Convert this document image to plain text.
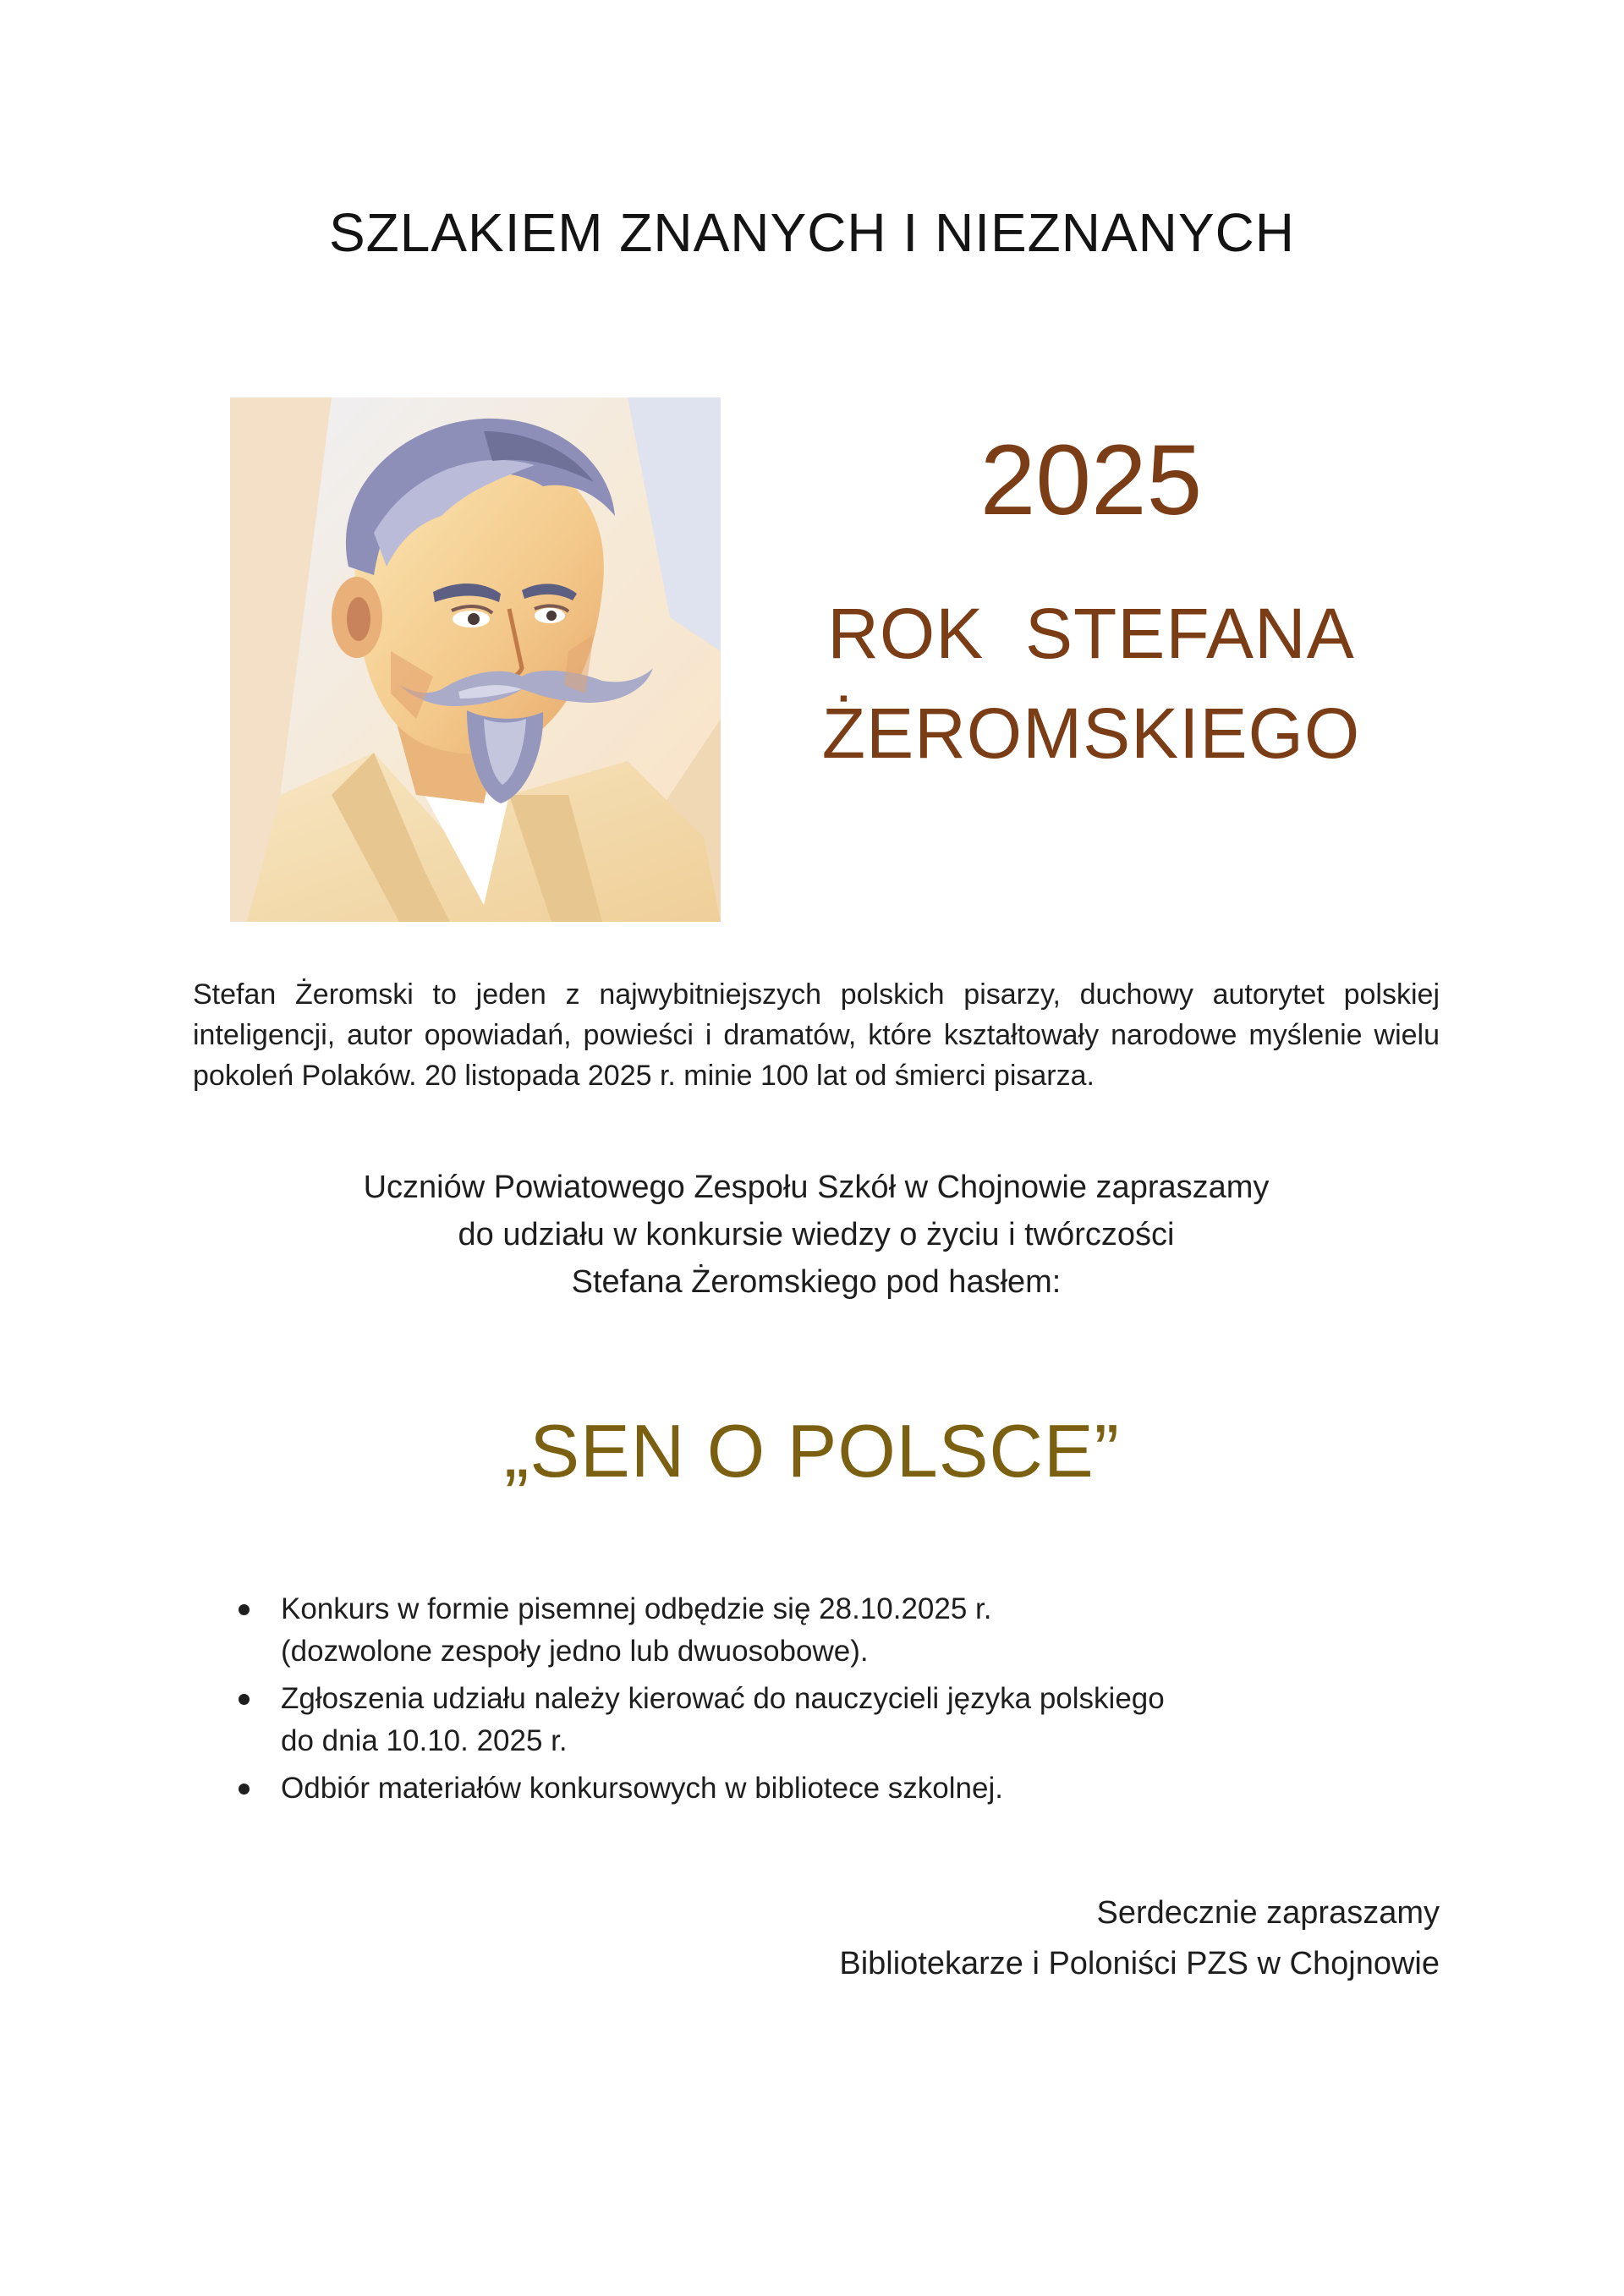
SZLAKIEM ZNANYCH I NIEZNANYCH
2025
ROK  STEFANA
ŻEROMSKIEGO
Stefan Żeromski to jeden z najwybitniejszych polskich pisarzy, duchowy autorytet polskiej inteligencji, autor opowiadań, powieści i dramatów, które kształtowały narodowe myślenie wielu pokoleń Polaków. 20 listopada 2025 r. minie 100 lat od śmierci pisarza.
Uczniów Powiatowego Zespołu Szkół w Chojnowie zapraszamy
do udziału w konkursie wiedzy o życiu i twórczości
Stefana Żeromskiego pod hasłem:
„SEN O POLSCE”
Konkurs w formie pisemnej odbędzie się 28.10.2025 r.
(dozwolone zespoły jedno lub dwuosobowe).
Zgłoszenia udziału należy kierować do nauczycieli języka polskiego
do dnia 10.10. 2025 r.
Odbiór materiałów konkursowych w bibliotece szkolnej.
Serdecznie zapraszamy
Bibliotekarze i Poloniści PZS w Chojnowie
